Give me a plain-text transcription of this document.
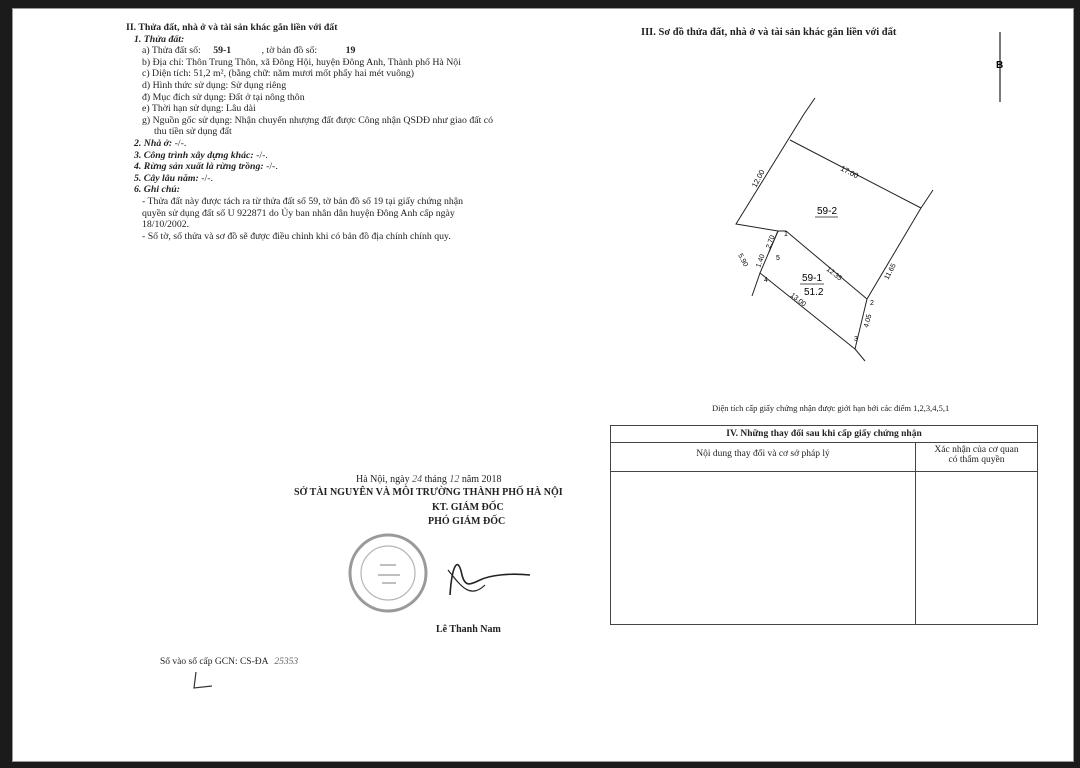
II. Thửa đất, nhà ở và tài sản khác gắn liền với đất
1. Thửa đất:
a) Thửa đất số: 59-1	, tờ bản đồ số:	19
b) Địa chỉ: Thôn Trung Thôn, xã Đông Hội, huyện Đông Anh, Thành phố Hà Nội
c) Diện tích: 51,2 m², (bằng chữ: năm mươi mốt phẩy hai mét vuông)
d) Hình thức sử dụng: Sử dụng riêng
đ) Mục đích sử dụng: Đất ở tại nông thôn
e) Thời hạn sử dụng: Lâu dài
g) Nguồn gốc sử dụng: Nhận chuyển nhượng đất được Công nhận QSDĐ như giao đất có
thu tiền sử dụng đất
2. Nhà ở: -/-.
3. Công trình xây dựng khác: -/-.
4. Rừng sản xuất là rừng trồng: -/-.
5. Cây lâu năm: -/-.
6. Ghi chú:
- Thửa đất này được tách ra từ thửa đất số 59, tờ bản đồ số 19 tại giấy chứng nhận
quyền sử dụng đất số U 922871 do Ủy ban nhân dân huyện Đông Anh cấp ngày
18/10/2002.
- Số tờ, số thửa và sơ đồ sẽ được điều chỉnh khi có bản đồ địa chính chính quy.
III. Sơ đồ thửa đất, nhà ở và tài sản khác gắn liền với đất
B
12.00	17.00
5.90
2.70
1.40
12.35	11.65
13.00
4.05
1
2
3
4
5
59-2
59-1
51.2
Diện tích cấp giấy chứng nhận được giới hạn bởi các điểm 1,2,3,4,5,1
IV. Những thay đổi sau khi cấp giấy chứng nhận	
Nội dung thay đổi và cơ sở pháp lý	Xác nhận của cơ quan
có thẩm quyền

Hà Nội, ngày 24 tháng 12 năm 2018
SỞ TÀI NGUYÊN VÀ MÔI TRƯỜNG THÀNH PHỐ HÀ NỘI
KT. GIÁM ĐỐC
PHÓ GIÁM ĐỐC
Lê Thanh Nam
Số vào sổ cấp GCN: CS-ĐA 25353
